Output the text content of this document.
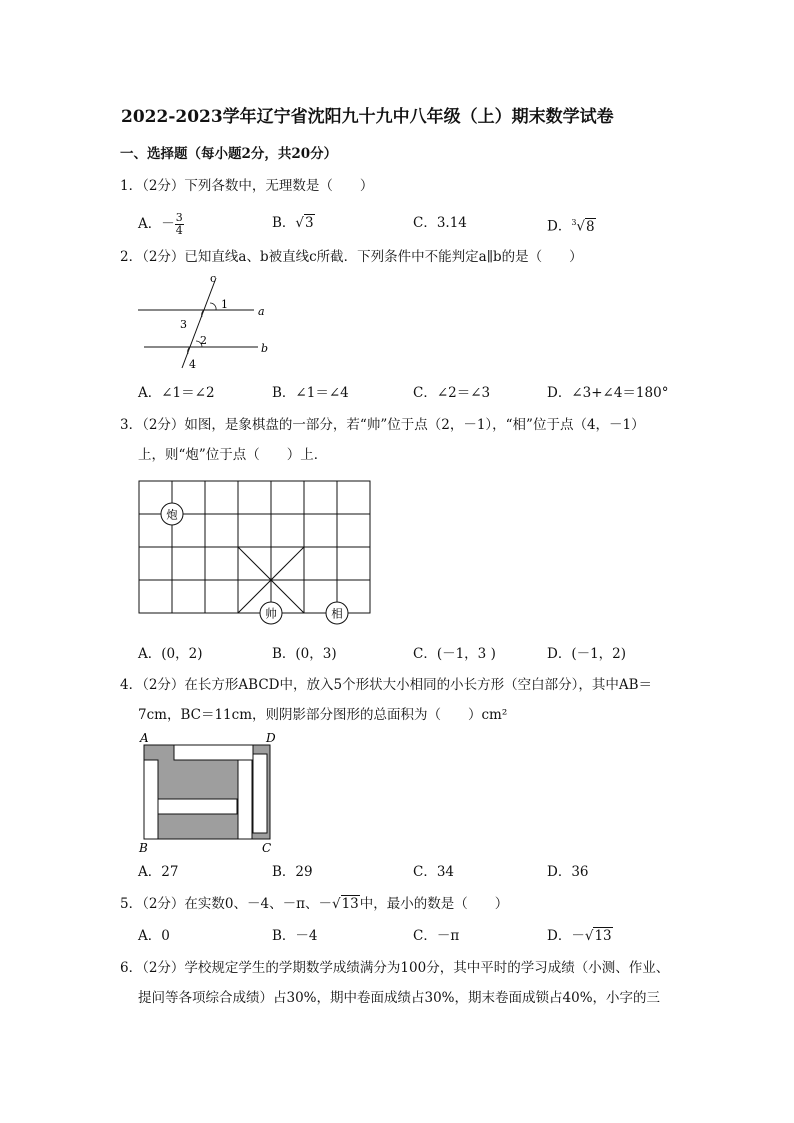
2022-2023学年辽宁省沈阳九十九中八年级（上）期末数学试卷
一、选择题（每小题2分，共20分）
1．（2分）下列各数中，无理数是（　　）
A．－ $\frac{3}{4}$	B．√3	C．3.14	D．$^3$√8
2．（2分）已知直线a、b被直线c所截．下列条件中不能判定a∥b的是（　　）
c
1
a
3
2
b
4
A．∠1＝∠2	B．∠1＝∠4	C．∠2＝∠3	D．∠3+∠4＝180°
3．（2分）如图，是象棋盘的一部分，若“帅”位于点（2，－1），“相”位于点（4，－1）
上，则“炮”位于点（　　）上．
炮
帅	相
A．(0，2)	B．(0，3)	C．(－1，3 )	D．(－1，2)
4．（2分）在长方形ABCD中，放入5个形状大小相同的小长方形（空白部分），其中AB＝
7cm，BC＝11cm，则阴影部分图形的总面积为（　　）cm²
A	D
B	C
A．27	B．29	C．34	D．36
5．（2分）在实数0、－4、－π、－√13中，最小的数是（　　）
A．0	B．－4	C．－π	D．－√13
6．（2分）学校规定学生的学期数学成绩满分为100分，其中平时的学习成绩（小测、作业、
提问等各项综合成绩）占30%，期中卷面成绩占30%，期末卷面成锁占40%，小字的三
